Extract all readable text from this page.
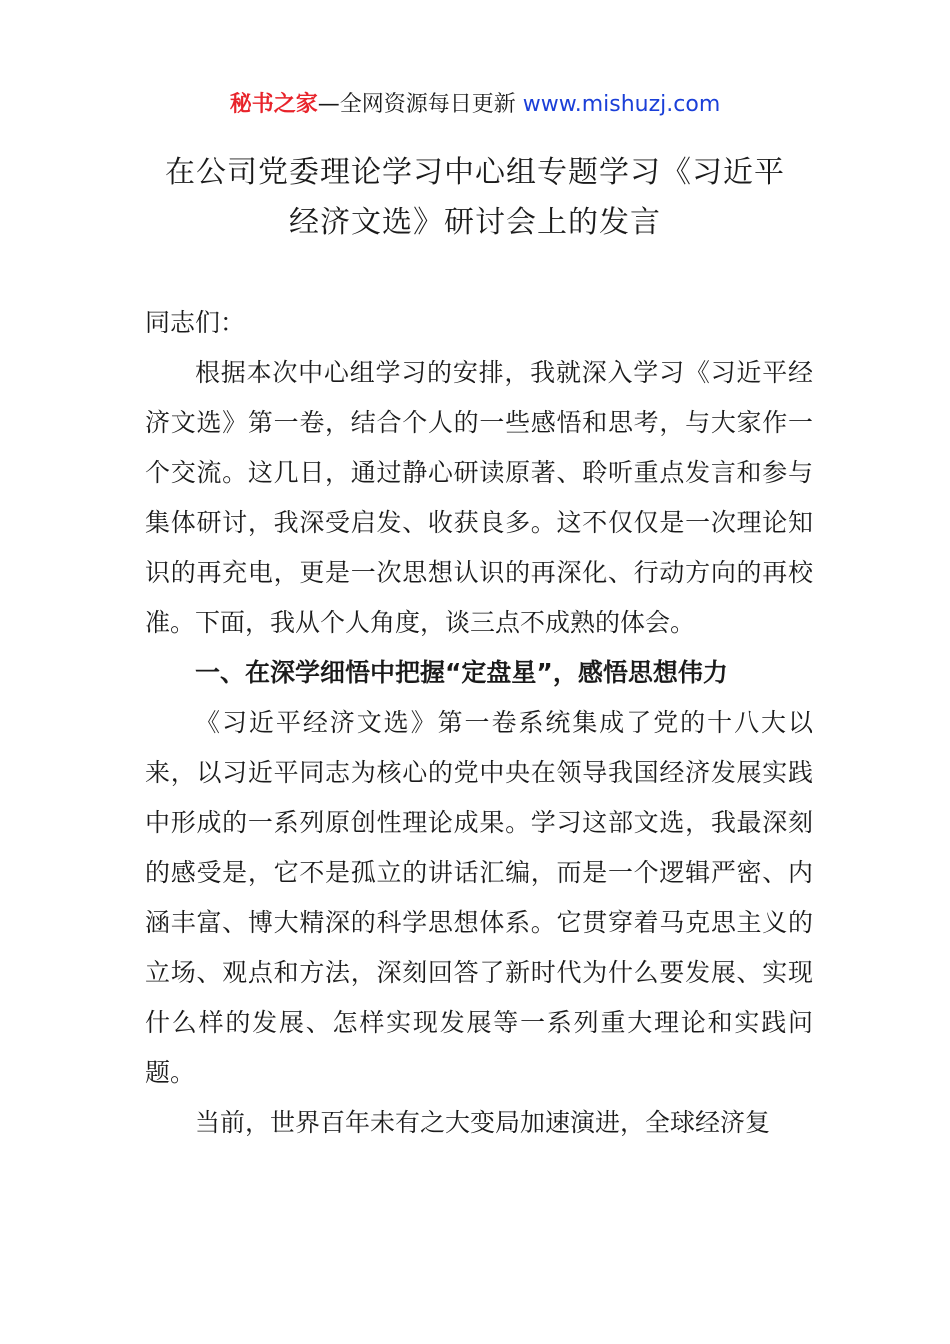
秘书之家—全网资源每日更新 www.mishuzj.com
在公司党委理论学习中心组专题学习《习近平
经济文选》研讨会上的发言

同志们：

根据本次中心组学习的安排，我就深入学习《习近平经济文选》第一卷，结合个人的一些感悟和思考，与大家作一个交流。这几日，通过静心研读原著、聆听重点发言和参与集体研讨，我深受启发、收获良多。这不仅仅是一次理论知识的再充电，更是一次思想认识的再深化、行动方向的再校准。下面，我从个人角度，谈三点不成熟的体会。

一、在深学细悟中把握“定盘星”，感悟思想伟力

《习近平经济文选》第一卷系统集成了党的十八大以来，以习近平同志为核心的党中央在领导我国经济发展实践中形成的一系列原创性理论成果。学习这部文选，我最深刻的感受是，它不是孤立的讲话汇编，而是一个逻辑严密、内涵丰富、博大精深的科学思想体系。它贯穿着马克思主义的立场、观点和方法，深刻回答了新时代为什么要发展、实现什么样的发展、怎样实现发展等一系列重大理论和实践问题。

当前，世界百年未有之大变局加速演进，全球经济复
